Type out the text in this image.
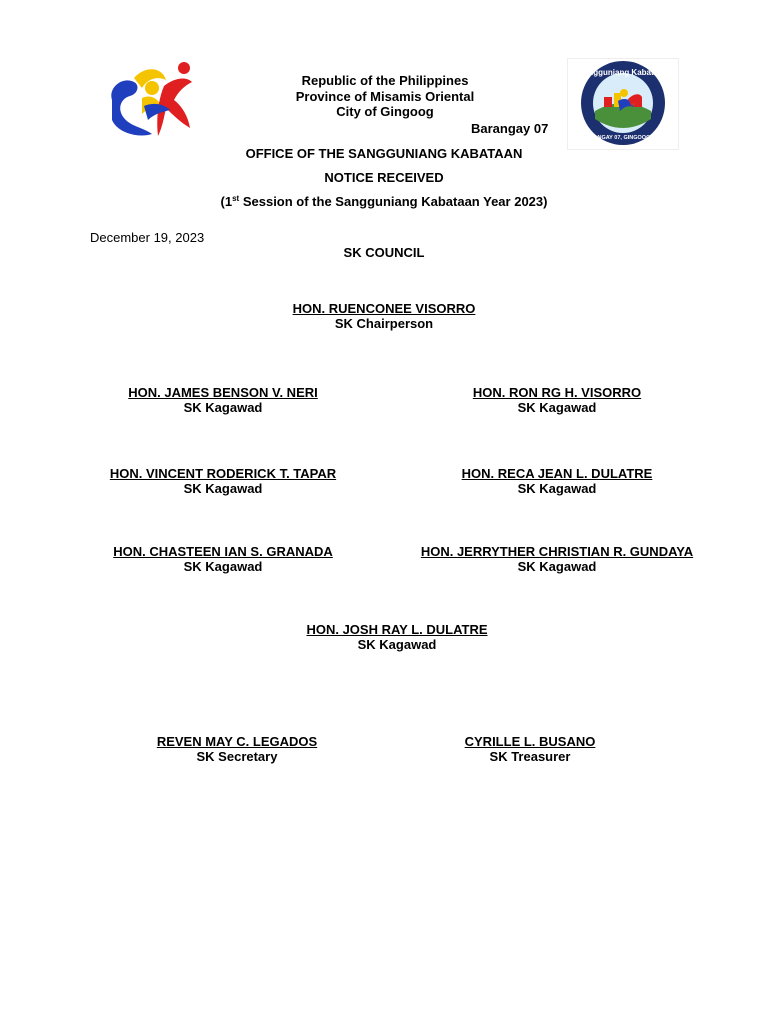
Republic of the Philippines
Province of Misamis Oriental
City of Gingoog
Barangay 07
Sangguniang Kabataan
BARANGAY 07, GINGOOG CITY
OFFICE OF THE SANGGUNIANG KABATAAN
NOTICE RECEIVED
(1st Session of the Sangguniang Kabataan Year 2023)
December 19, 2023
SK COUNCIL
HON. RUENCONEE VISORRO
SK Chairperson
HON. JAMES BENSON V. NERI
SK Kagawad
HON. RON RG H. VISORRO
SK Kagawad
HON. VINCENT RODERICK T. TAPAR
SK Kagawad
HON. RECA JEAN L. DULATRE
SK Kagawad
HON. CHASTEEN IAN S. GRANADA
SK Kagawad
HON. JERRYTHER CHRISTIAN R. GUNDAYA
SK Kagawad
HON. JOSH RAY L. DULATRE
SK Kagawad
REVEN MAY C. LEGADOS
SK Secretary
CYRILLE L. BUSANO
SK Treasurer
